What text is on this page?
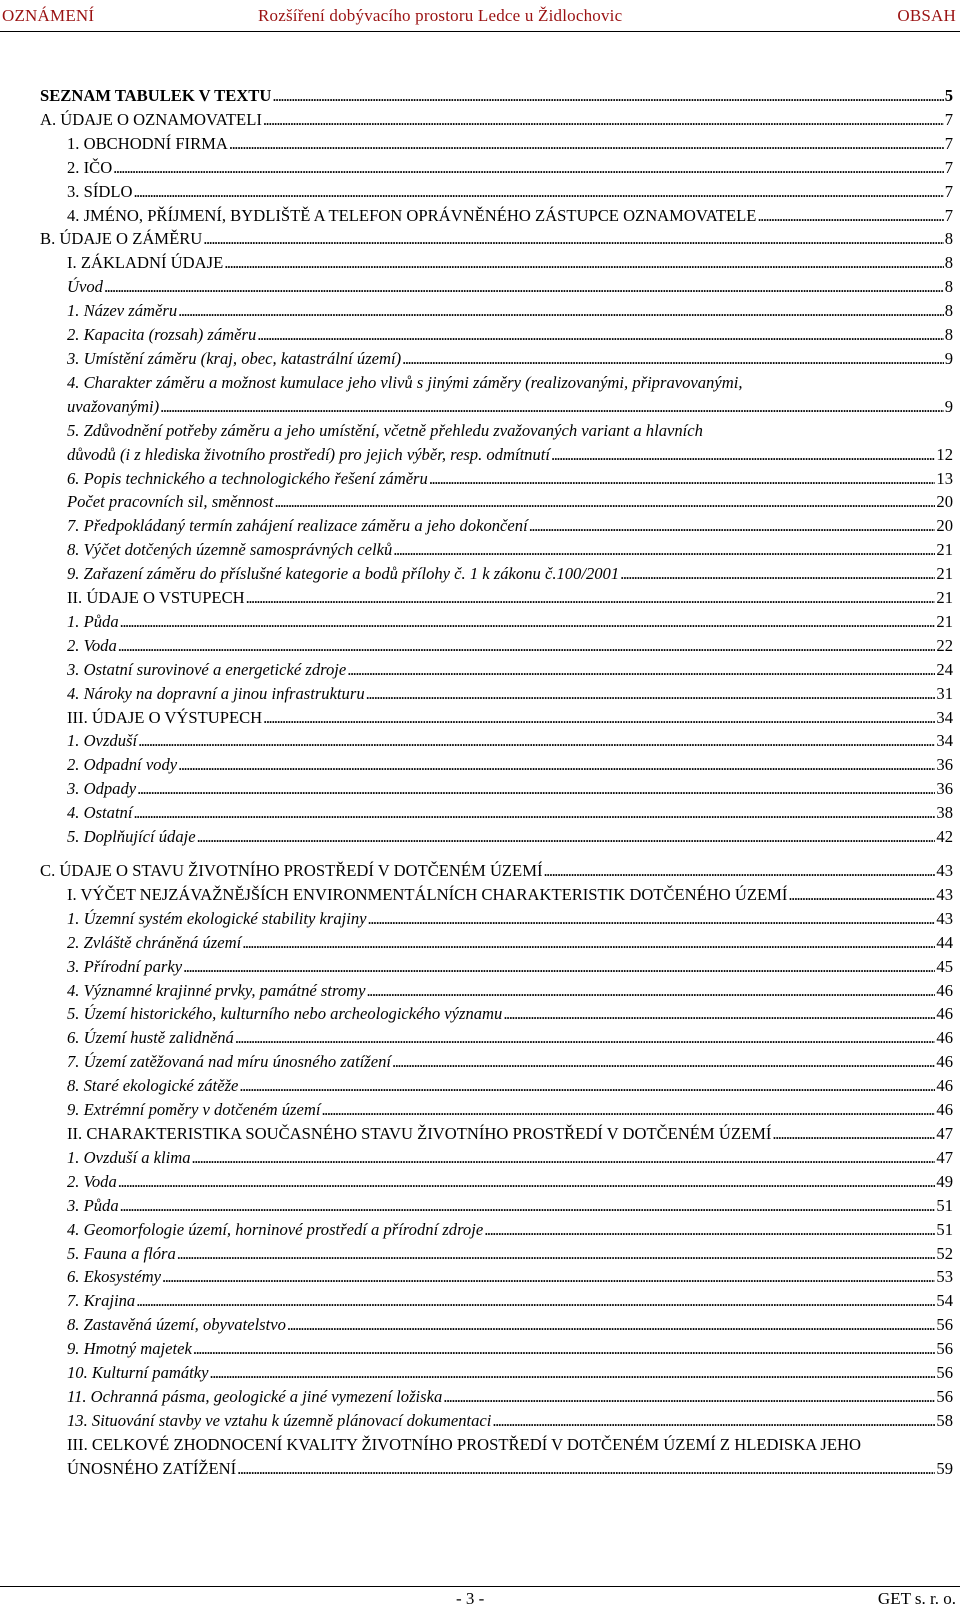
OZNÁMENÍ	Rozšíření dobývacího prostoru Ledce u Židlochovic	OBSAH
SEZNAM TABULEK V TEXTU . . .	5
A. ÚDAJE O OZNAMOVATELI . . .	7
1. OBCHODNÍ FIRMA . . .	7
2. IČO . . .	7
3. SÍDLO . . .	7
4. JMÉNO, PŘÍJMENÍ, BYDLIŠTĚ A TELEFON OPRÁVNĚNÉHO ZÁSTUPCE OZNAMOVATELE . . .	7
B. ÚDAJE O ZÁMĚRU . . .	8
I. ZÁKLADNÍ ÚDAJE . . .	8
Úvod . . .	8
1. Název záměru . . .	8
2. Kapacita (rozsah) záměru . . .	8
3. Umístění záměru (kraj, obec, katastrální území) . . .	9
4. Charakter záměru a možnost kumulace jeho vlivů s jinými záměry (realizovanými, připravovanými,
uvažovanými) . . .	9
5. Zdůvodnění potřeby záměru a jeho umístění, včetně přehledu zvažovaných variant a hlavních
důvodů (i z hlediska životního prostředí) pro jejich výběr, resp. odmítnutí . . .	12
6. Popis technického a technologického řešení záměru . . .	13
Počet pracovních sil, směnnost . . .	20
7. Předpokládaný termín zahájení realizace záměru a jeho dokončení . . .	20
8. Výčet dotčených územně samosprávných celků . . .	21
9. Zařazení záměru do příslušné kategorie a bodů přílohy č. 1 k zákonu č.100/2001 . . .	21
II. ÚDAJE O VSTUPECH . . .	21
1. Půda . . .	21
2. Voda . . .	22
3. Ostatní surovinové a energetické zdroje . . .	24
4. Nároky na dopravní a jinou infrastrukturu . . .	31
III. ÚDAJE O VÝSTUPECH . . .	34
1. Ovzduší . . .	34
2. Odpadní vody . . .	36
3. Odpady . . .	36
4. Ostatní . . .	38
5. Doplňující údaje . . .	42
C. ÚDAJE O STAVU ŽIVOTNÍHO PROSTŘEDÍ V DOTČENÉM ÚZEMÍ . . .	43
I. VÝČET NEJZÁVAŽNĚJŠÍCH ENVIRONMENTÁLNÍCH CHARAKTERISTIK DOTČENÉHO ÚZEMÍ . . .	43
1. Územní systém ekologické stability krajiny . . .	43
2. Zvláště chráněná území . . .	44
3. Přírodní parky . . .	45
4. Významné krajinné prvky, památné stromy . . .	46
5. Území historického, kulturního nebo archeologického významu . . .	46
6. Území hustě zalidněná . . .	46
7. Území zatěžovaná nad míru únosného zatížení . . .	46
8. Staré ekologické zátěže . . .	46
9. Extrémní poměry v dotčeném území . . .	46
II. CHARAKTERISTIKA SOUČASNÉHO STAVU ŽIVOTNÍHO PROSTŘEDÍ V DOTČENÉM ÚZEMÍ . . .	47
1. Ovzduší a klima . . .	47
2. Voda . . .	49
3. Půda . . .	51
4. Geomorfologie území, horninové prostředí a přírodní zdroje . . .	51
5. Fauna a flóra . . .	52
6. Ekosystémy . . .	53
7. Krajina . . .	54
8. Zastavěná území, obyvatelstvo . . .	56
9. Hmotný majetek . . .	56
10. Kulturní památky . . .	56
11. Ochranná pásma, geologické a jiné vymezení ložiska . . .	56
13. Situování stavby ve vztahu k územně plánovací dokumentaci . . .	58
III. CELKOVÉ ZHODNOCENÍ KVALITY ŽIVOTNÍHO PROSTŘEDÍ V DOTČENÉM ÚZEMÍ Z HLEDISKA JEHO
ÚNOSNÉHO ZATÍŽENÍ . . .	59
- 3 -	GET s. r. o.
